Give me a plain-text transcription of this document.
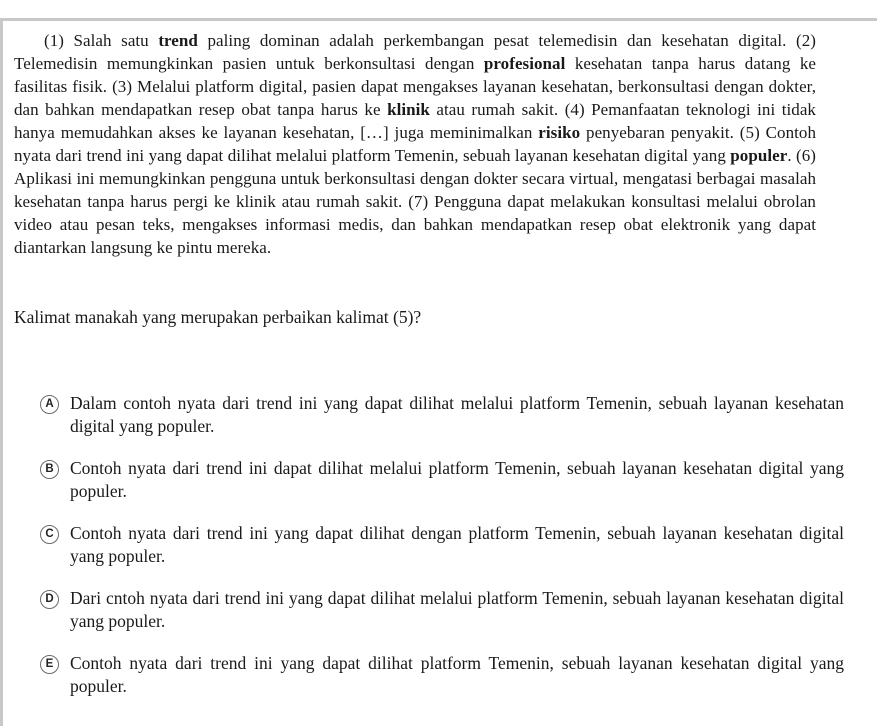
(1) Salah satu trend paling dominan adalah perkembangan pesat telemedisin dan kesehatan digital. (2) Telemedisin memungkinkan pasien untuk berkonsultasi dengan profesional kesehatan tanpa harus datang ke fasilitas fisik. (3) Melalui platform digital, pasien dapat mengakses layanan kesehatan, berkonsultasi dengan dokter, dan bahkan mendapatkan resep obat tanpa harus ke klinik atau rumah sakit. (4) Pemanfaatan teknologi ini tidak hanya memudahkan akses ke layanan kesehatan, […] juga meminimalkan risiko penyebaran penyakit. (5) Contoh nyata dari trend ini yang dapat dilihat melalui platform Temenin, sebuah layanan kesehatan digital yang populer. (6) Aplikasi ini memungkinkan pengguna untuk berkonsultasi dengan dokter secara virtual, mengatasi berbagai masalah kesehatan tanpa harus pergi ke klinik atau rumah sakit. (7) Pengguna dapat melakukan konsultasi melalui obrolan video atau pesan teks, mengakses informasi medis, dan bahkan mendapatkan resep obat elektronik yang dapat diantarkan langsung ke pintu mereka.
Kalimat manakah yang merupakan perbaikan kalimat (5)?
A Dalam contoh nyata dari trend ini yang dapat dilihat melalui platform Temenin, sebuah layanan kesehatan digital yang populer.
B Contoh nyata dari trend ini dapat dilihat melalui platform Temenin, sebuah layanan kesehatan digital yang populer.
C Contoh nyata dari trend ini yang dapat dilihat dengan platform Temenin, sebuah layanan kesehatan digital yang populer.
D Dari cntoh nyata dari trend ini yang dapat dilihat melalui platform Temenin, sebuah layanan kesehatan digital yang populer.
E Contoh nyata dari trend ini yang dapat dilihat platform Temenin, sebuah layanan kesehatan digital yang populer.
